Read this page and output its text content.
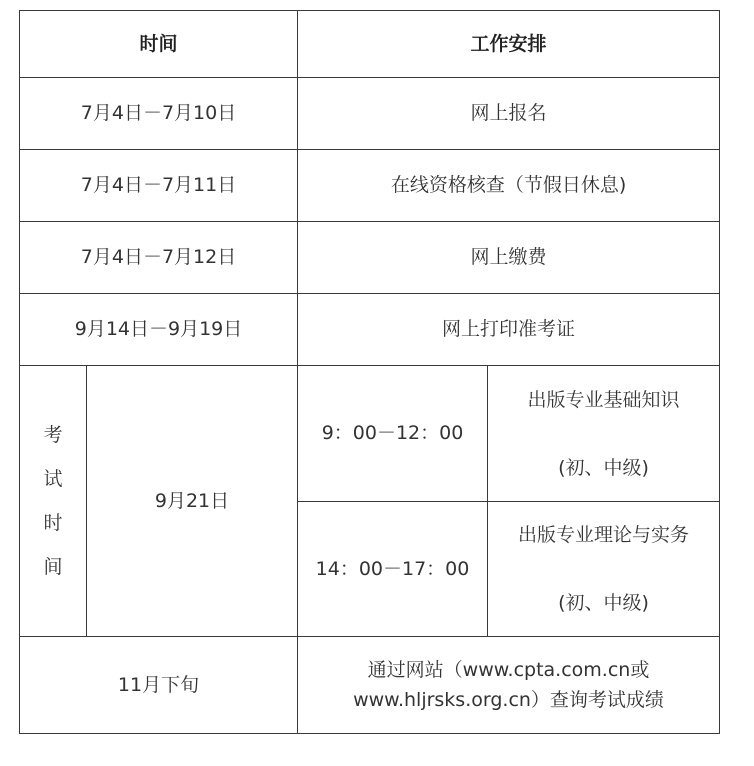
时间		工作安排	
7月4日－7月10日		网上报名	
7月4日－7月11日		在线资格核查（节假日休息)	
7月4日－7月12日		网上缴费	
9月14日－9月19日		网上打印准考证	
考试时间	9月21日	9：00－12：00	出版专业基础知识
(初、中级)

		14：00－17：00	出版专业理论与实务
(初、中级)

11月下旬		通过网站（www.cpta.com.cn或www.hljrsks.org.cn）查询考试成绩	
